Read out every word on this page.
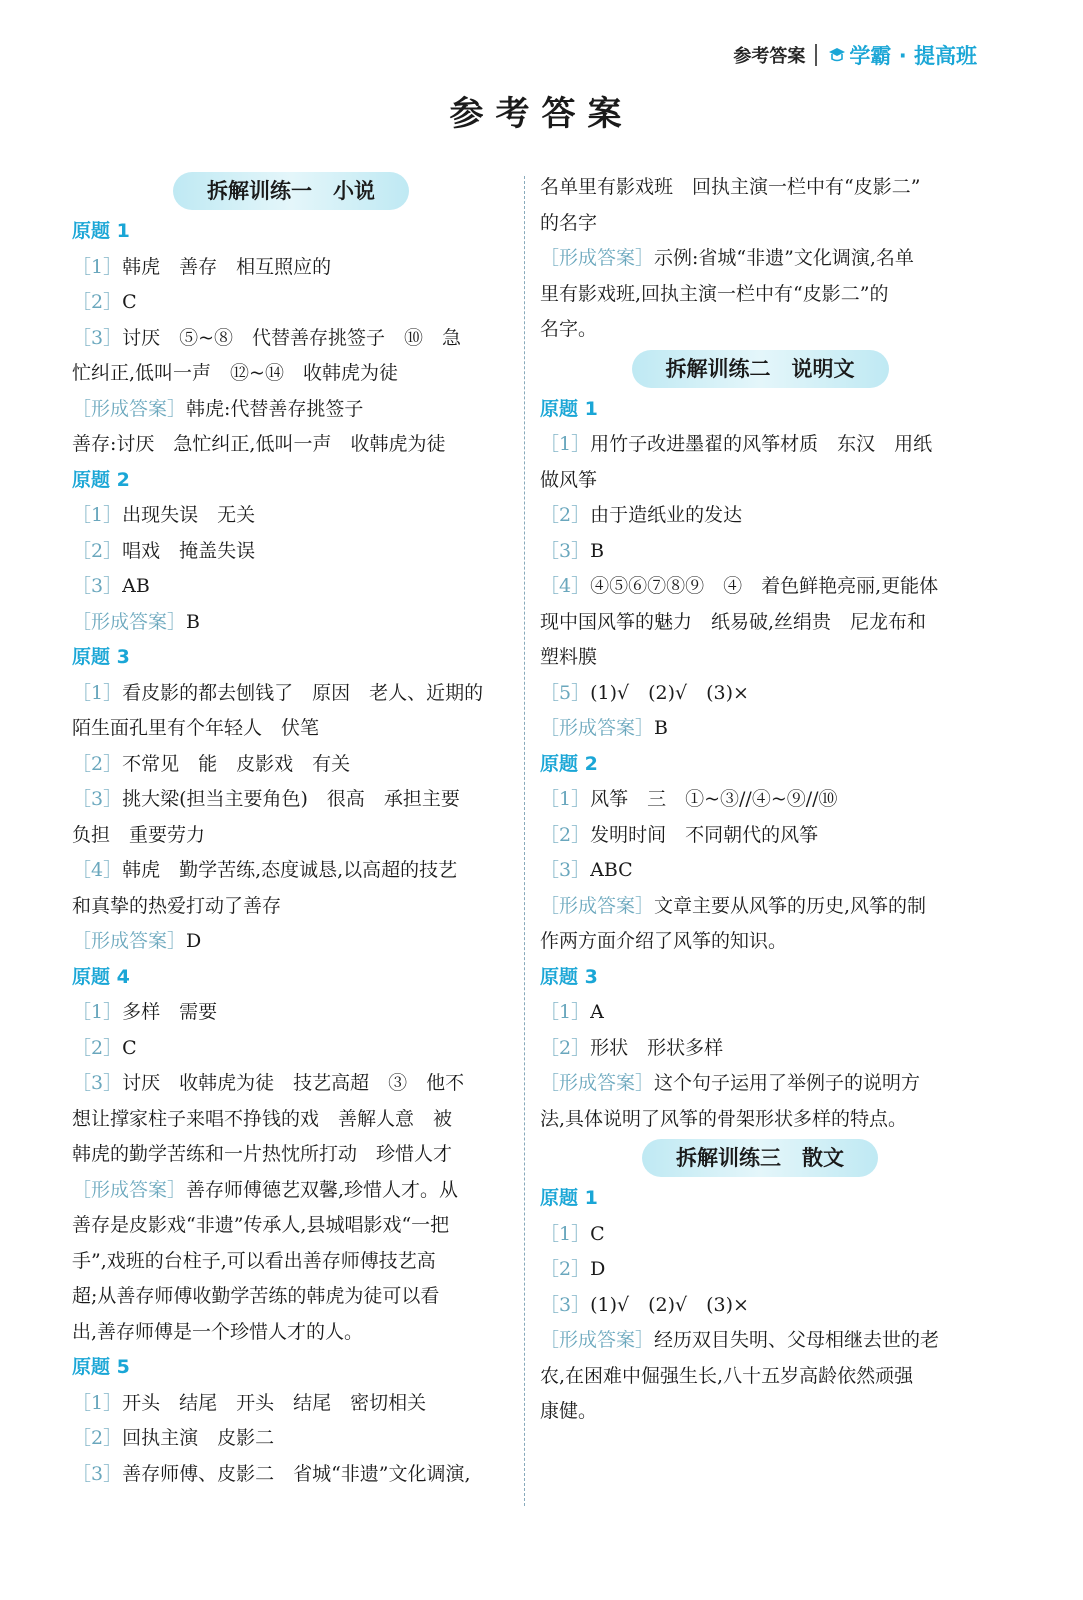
参考答案 学霸 · 提高班
参考答案
拆解训练一　小说
原题 1
［1］韩虎　善存　相互照应的
［2］C
［3］讨厌　⑤~⑧　代替善存挑签子　⑩　急
忙纠正,低叫一声　⑫~⑭　收韩虎为徒
［形成答案］韩虎:代替善存挑签子
善存:讨厌　急忙纠正,低叫一声　收韩虎为徒
原题 2
［1］出现失误　无关
［2］唱戏　掩盖失误
［3］AB
［形成答案］B
原题 3
［1］看皮影的都去刨钱了　原因　老人、近期的
陌生面孔里有个年轻人　伏笔
［2］不常见　能　皮影戏　有关
［3］挑大梁(担当主要角色)　很高　承担主要
负担　重要劳力
［4］韩虎　勤学苦练,态度诚恳,以高超的技艺
和真挚的热爱打动了善存
［形成答案］D
原题 4
［1］多样　需要
［2］C
［3］讨厌　收韩虎为徒　技艺高超　③　他不
想让撑家柱子来唱不挣钱的戏　善解人意　被
韩虎的勤学苦练和一片热忱所打动　珍惜人才
［形成答案］善存师傅德艺双馨,珍惜人才。从
善存是皮影戏“非遗”传承人,县城唱影戏“一把
手”,戏班的台柱子,可以看出善存师傅技艺高
超;从善存师傅收勤学苦练的韩虎为徒可以看
出,善存师傅是一个珍惜人才的人。
原题 5
［1］开头　结尾　开头　结尾　密切相关
［2］回执主演　皮影二
［3］善存师傅、皮影二　省城“非遗”文化调演,
名单里有影戏班　回执主演一栏中有“皮影二”
的名字
［形成答案］示例:省城“非遗”文化调演,名单
里有影戏班,回执主演一栏中有“皮影二”的
名字。
拆解训练二　说明文
原题 1
［1］用竹子改进墨翟的风筝材质　东汉　用纸
做风筝
［2］由于造纸业的发达
［3］B
［4］④⑤⑥⑦⑧⑨　④　着色鲜艳亮丽,更能体
现中国风筝的魅力　纸易破,丝绢贵　尼龙布和
塑料膜
［5］(1)√　(2)√　(3)×
［形成答案］B
原题 2
［1］风筝　三　①~③//④~⑨//⑩
［2］发明时间　不同朝代的风筝
［3］ABC
［形成答案］文章主要从风筝的历史,风筝的制
作两方面介绍了风筝的知识。
原题 3
［1］A
［2］形状　形状多样
［形成答案］这个句子运用了举例子的说明方
法,具体说明了风筝的骨架形状多样的特点。
拆解训练三　散文
原题 1
［1］C
［2］D
［3］(1)√　(2)√　(3)×
［形成答案］经历双目失明、父母相继去世的老
农,在困难中倔强生长,八十五岁高龄依然顽强
康健。
